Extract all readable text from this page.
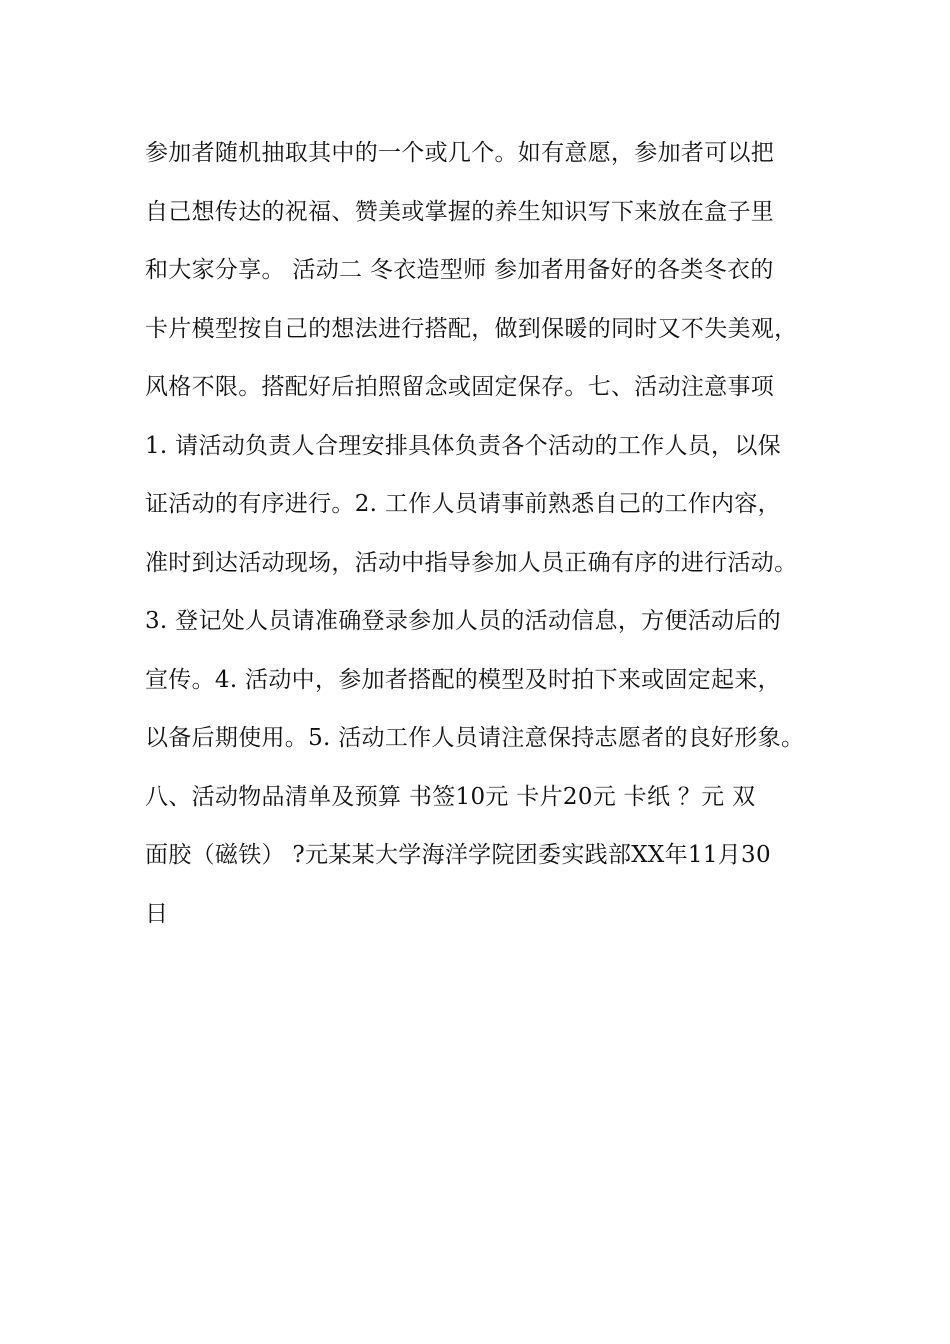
参加者随机抽取其中的一个或几个。如有意愿，参加者可以把
自己想传达的祝福、赞美或掌握的养生知识写下来放在盒子里
和大家分享。 活动二 冬衣造型师 参加者用备好的各类冬衣的
卡片模型按自己的想法进行搭配，做到保暖的同时又不失美观，
风格不限。搭配好后拍照留念或固定保存。七、活动注意事项
1. 请活动负责人合理安排具体负责各个活动的工作人员，以保
证活动的有序进行。2. 工作人员请事前熟悉自己的工作内容，
准时到达活动现场，活动中指导参加人员正确有序的进行活动。
3. 登记处人员请准确登录参加人员的活动信息，方便活动后的
宣传。4. 活动中，参加者搭配的模型及时拍下来或固定起来，
以备后期使用。5. 活动工作人员请注意保持志愿者的良好形象。
八、活动物品清单及预算 书签10元 卡片20元 卡纸 ？元 双
面胶（磁铁） ?元某某大学海洋学院团委实践部XX年11月30
日
